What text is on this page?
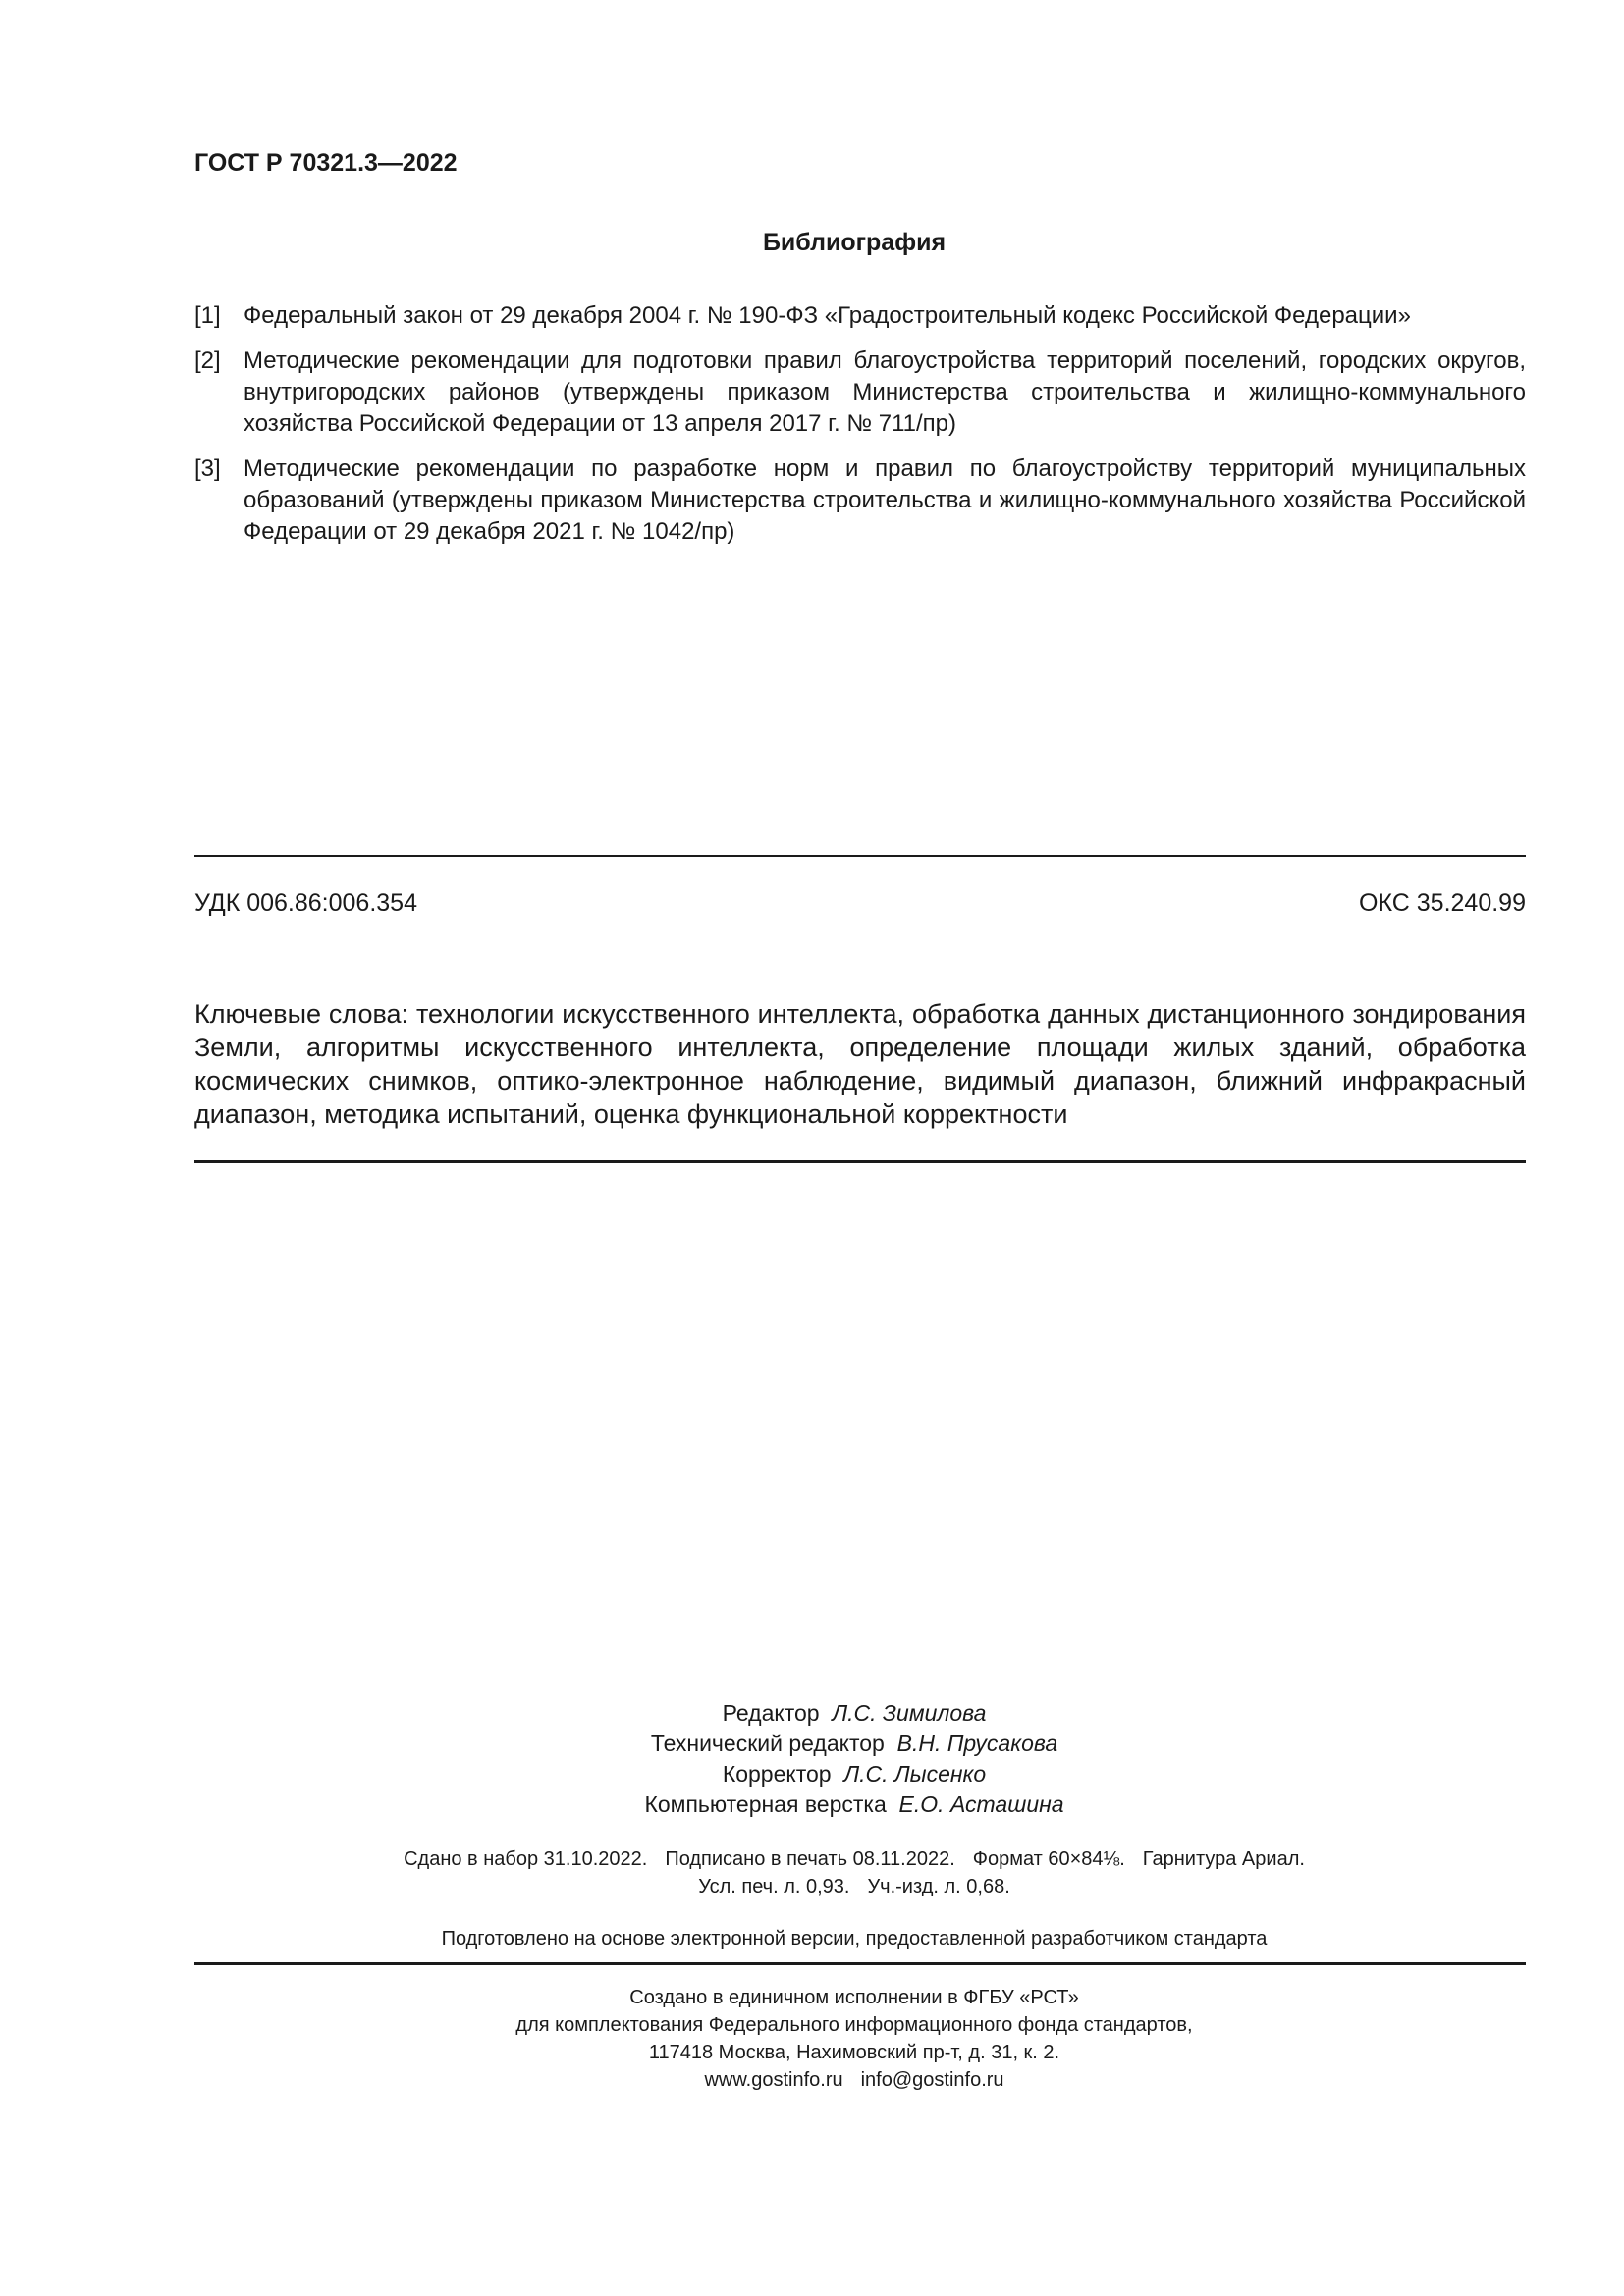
ГОСТ Р 70321.3—2022
Библиография
[1] Федеральный закон от 29 декабря 2004 г. № 190-ФЗ «Градостроительный кодекс Российской Федерации»
[2] Методические рекомендации для подготовки правил благоустройства территорий поселений, городских округов, внутригородских районов (утверждены приказом Министерства строительства и жилищно-коммунального хозяйства Российской Федерации от 13 апреля 2017 г. № 711/пр)
[3] Методические рекомендации по разработке норм и правил по благоустройству территорий муниципальных образований (утверждены приказом Министерства строительства и жилищно-коммунального хозяйства Российской Федерации от 29 декабря 2021 г. № 1042/пр)
УДК 006.86:006.354	ОКС 35.240.99
Ключевые слова: технологии искусственного интеллекта, обработка данных дистанционного зондирования Земли, алгоритмы искусственного интеллекта, определение площади жилых зданий, обработка космических снимков, оптико-электронное наблюдение, видимый диапазон, ближний инфракрасный диапазон, методика испытаний, оценка функциональной корректности
Редактор Л.С. Зимилова
Технический редактор В.Н. Прусакова
Корректор Л.С. Лысенко
Компьютерная верстка Е.О. Асташина
Сдано в набор 31.10.2022. Подписано в печать 08.11.2022. Формат 60×84⅛. Гарнитура Ариал.
Усл. печ. л. 0,93. Уч.-изд. л. 0,68.
Подготовлено на основе электронной версии, предоставленной разработчиком стандарта
Создано в единичном исполнении в ФГБУ «РСТ»
для комплектования Федерального информационного фонда стандартов,
117418 Москва, Нахимовский пр-т, д. 31, к. 2.
www.gostinfo.ru info@gostinfo.ru
